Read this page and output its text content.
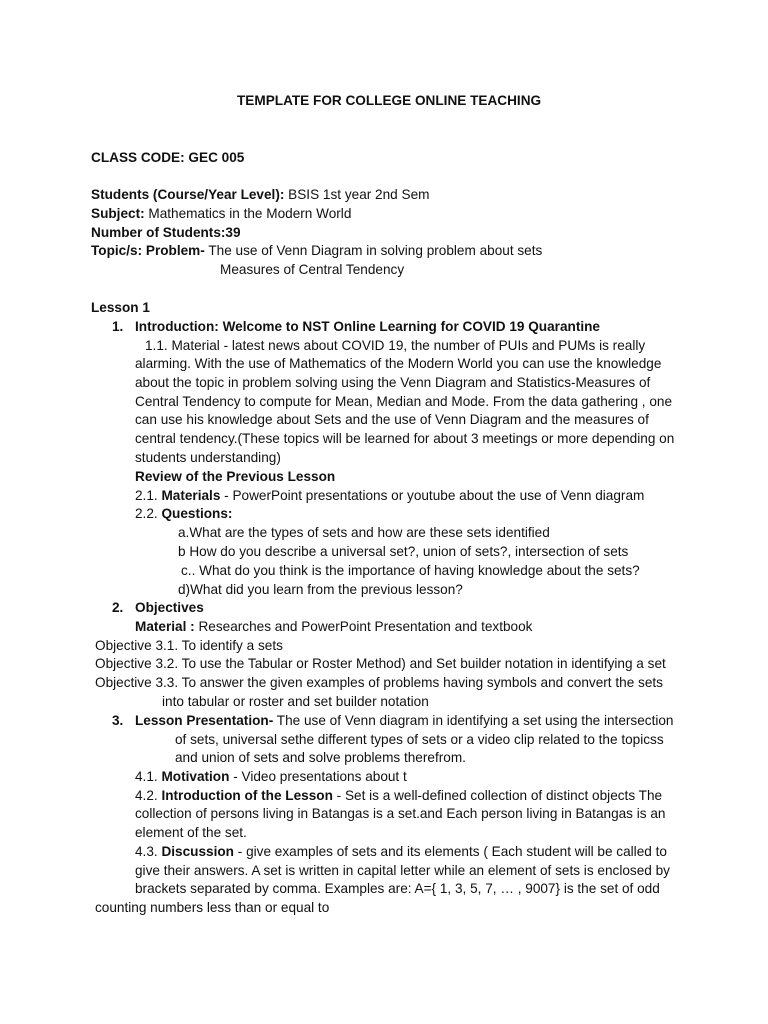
TEMPLATE FOR COLLEGE ONLINE TEACHING
CLASS CODE: GEC 005
Students (Course/Year Level): BSIS 1st year 2nd Sem
Subject: Mathematics in the Modern World
Number of Students:39
Topic/s: Problem- The use of Venn Diagram in solving problem about sets
Measures of Central Tendency
Lesson 1
1. Introduction: Welcome to NST Online Learning for COVID 19 Quarantine
1.1. Material - latest news about COVID 19, the number of PUIs and PUMs is really
alarming. With the use of Mathematics of the Modern World you can use the knowledge
about the topic in problem solving using the Venn Diagram and Statistics-Measures of
Central Tendency to compute for Mean, Median and Mode. From the data gathering , one
can use his knowledge about Sets and the use of Venn Diagram and the measures of
central tendency.(These topics will be learned for about 3 meetings or more depending on
students understanding)
Review of the Previous Lesson
2.1. Materials - PowerPoint presentations or youtube about the use of Venn diagram
2.2. Questions:
a.What are the types of sets and how are these sets identified
b How do you describe a universal set?, union of sets?, intersection of sets
c.. What do you think is the importance of having knowledge about the sets?
d)What did you learn from the previous lesson?
2. Objectives
Material : Researches and PowerPoint Presentation and textbook
Objective 3.1. To identify a sets
Objective 3.2. To use the Tabular or Roster Method) and Set builder notation in identifying a set
Objective 3.3. To answer the given examples of problems having symbols and convert the sets
into tabular or roster and set builder notation
3. Lesson Presentation- The use of Venn diagram in identifying a set using the intersection
of sets, universal sethe different types of sets or a video clip related to the topicss
and union of sets and solve problems therefrom.
4.1. Motivation - Video presentations about t
4.2. Introduction of the Lesson - Set is a well-defined collection of distinct objects The
collection of persons living in Batangas is a set.and Each person living in Batangas is an
element of the set.
4.3. Discussion - give examples of sets and its elements ( Each student will be called to
give their answers. A set is written in capital letter while an element of sets is enclosed by
brackets separated by comma. Examples are: A={ 1, 3, 5, 7, … , 9007} is the set of odd
counting numbers less than or equal to
